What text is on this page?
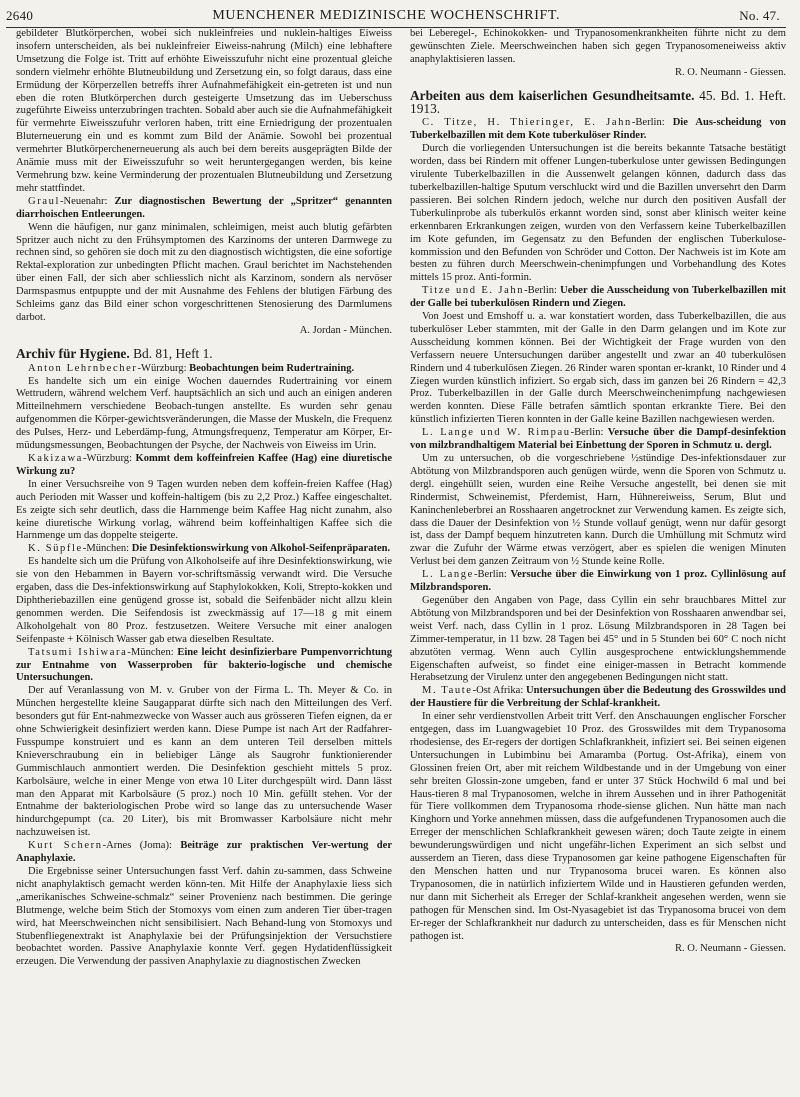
2640	MUENCHENER MEDIZINISCHE WOCHENSCHRIFT.	No. 47.

gebildeter Blutkörperchen, wobei sich nukleinfreies und nuklein-haltiges Eiweiss insofern unterscheiden, als bei nukleinfreier Eiweiss-nahrung (Milch) eine lebhaftere Umsetzung die Folge ist. Tritt auf erhöhte Eiweisszufuhr nicht eine prozentual gleiche sondern vielmehr erhöhte Blutneubildung und Zersetzung ein, so folgt daraus, dass eine Ermüdung der Körperzellen betreffs ihrer Aufnahmefähigkeit ein-getreten ist und nun eben die roten Blutkörperchen durch gesteigerte Umsetzung das im Ueberschuss zugeführte Eiweiss unterzubringen trachten. Sobald aber auch sie die Aufnahmefähigkeit für vermehrte Eiweisszufuhr verloren haben, tritt eine Erniedrigung der prozentualen Bluterneuerung ein und es kommt zum Bild der Anämie. Sowohl bei prozentual vermehrter Blutkörperchenerneuerung als auch bei dem bereits ausgeprägten Bilde der Anämie muss mit der Eiweisszufuhr so weit heruntergegangen werden, bis keine Vermehrung bzw. keine Verminderung der prozentualen Blutneubildung und Zersetzung mehr stattfindet.

Graul-Neuenahr: Zur diagnostischen Bewertung der „Spritzer“ genannten diarrhoischen Entleerungen.

Wenn die häufigen, nur ganz minimalen, schleimigen, meist auch blutig gefärbten Spritzer auch nicht zu den Frühsymptomen des Karzinoms der unteren Darmwege zu rechnen sind, so gehören sie doch mit zu den diagnostisch wichtigsten, die eine sofortige Rektal-exploration zur unbedingten Pflicht machen. Graul berichtet im Nachstehenden über einen Fall, der sich aber schliesslich nicht als Karzinom, sondern als nervöser Darmspasmus entpuppte und der mit Ausnahme des Fehlens der blutigen Färbung des Schleims ganz das Bild einer schon vorgeschrittenen Stenosierung des Darmlumens darbot.

A. Jordan - München.

Archiv für Hygiene. Bd. 81, Heft 1.

Anton Lehrnbecher-Würzburg: Beobachtungen beim Rudertraining.

Es handelte sich um ein einige Wochen dauerndes Rudertraining vor einem Wettrudern, während welchem Verf. hauptsächlich an sich und auch an einigen anderen Mitteilnehmern verschiedene Beobach-tungen anstellte. Es wurden sehr genau aufgenommen die Körper-gewichtsveränderungen, die Masse der Muskeln, die Frequenz des Pulses, Herz- und Leberdämp-fung, Atmungsfrequenz, Temperatur am Körper, Er-müdungsmessungen, Beobachtungen der Psyche, der Nachweis von Eiweiss im Urin.

Kakizawa-Würzburg: Kommt dem koffeinfreien Kaffee (Hag) eine diuretische Wirkung zu?

In einer Versuchsreihe von 9 Tagen wurden neben dem koffein-freien Kaffee (Hag) auch Perioden mit Wasser und koffein-haltigem (bis zu 2,2 Proz.) Kaffee eingeschaltet. Es zeigte sich sehr deutlich, dass die Harnmenge beim Kaffee Hag nicht zunahm, also keine diuretische Wirkung vorlag, während beim koffeinhaltigen Kaffee sich die Harnmenge um das doppelte steigerte.

K. Süpfle-München: Die Desinfektionswirkung von Alkohol-Seifenpräparaten.

Es handelte sich um die Prüfung von Alkoholseife auf ihre Desinfektionswirkung, wie sie von den Hebammen in Bayern vor-schriftsmässig verwandt wird. Die Versuche ergaben, dass die Des-infektionswirkung auf Staphylokokken, Koli, Strepto-kokken und Diphtheriebazillen eine genügend grosse ist, sobald die Seifenbäder nicht allzu klein genommen werden. Die Seifendosis ist zweckmässig auf 17—18 g mit einem Alkoholgehalt von 80 Proz. festzusetzen. Weitere Versuche mit einer analogen Seifenpaste + Kölnisch Wasser gab etwa dieselben Resultate.

Tatsumi Ishiwara-München: Eine leicht desinfizierbare Pumpenvorrichtung zur Entnahme von Wasserproben für bakterio-logische und chemische Untersuchungen.

Der auf Veranlassung von M. v. Gruber von der Firma L. Th. Meyer & Co. in München hergestellte kleine Saugapparat dürfte sich nach den Mitteilungen des Verf. besonders gut für Ent-nahmezwecke von Wasser auch aus grösseren Tiefen eignen, da er ohne Schwierigkeit desinfiziert werden kann. Diese Pumpe ist nach Art der Radfahrer-Fusspumpe konstruiert und es kann an dem unteren Teil derselben mittels Knieverschraubung ein in beliebiger Länge als Saugrohr funktionierender Gummischlauch anmontiert werden. Die Desinfektion geschieht mittels 5 proz. Karbolsäure, welche in einer Menge von etwa 10 Liter durchgespült wird. Dann lässt man den Apparat mit Karbolsäure (5 proz.) noch 10 Min. gefüllt stehen. Vor der Entnahme der bakteriologischen Probe wird so lange das zu untersuchende Waser hindurchgepumpt (ca. 20 Liter), bis mit Bromwasser Karbolsäure nicht mehr nachzuweisen ist.

Kurt Schern-Arnes (Joma): Beiträge zur praktischen Ver-wertung der Anaphylaxie.

Die Ergebnisse seiner Untersuchungen fasst Verf. dahin zu-sammen, dass Schweine nicht anaphylaktisch gemacht werden könn-ten. Mit Hilfe der Anaphylaxie liess sich „amerikanisches Schweine-schmalz“ seiner Provenienz nach bestimmen. Die geringe Blutmenge, welche beim Stich der Stomoxys vom einen zum anderen Tier über-tragen wird, hat Meerschweinchen nicht sensibilisiert. Nach Behand-lung von Stomoxys und Stubenfliegenextrakt ist Anaphylaxie bei der Prüfungsinjektion der Versuchstiere beobachtet worden. Passive Anaphylaxie konnte Verf. gegen Hydatidenflüssigkeit erzeugen. Die Verwendung der passiven Anaphylaxie zu diagnostischen Zwecken

bei Leberegel-, Echinokokken- und Trypanosomenkrankheiten führte nicht zu dem gewünschten Ziele. Meerschweinchen haben sich gegen Trypanosomeneiweiss aktiv anaphylaktisieren lassen.

R. O. Neumann - Giessen.

Arbeiten aus dem kaiserlichen Gesundheitsamte. 45. Bd. 1. Heft. 1913.

C. Titze, H. Thieringer, E. Jahn-Berlin: Die Aus-scheidung von Tuberkelbazillen mit dem Kote tuberkulöser Rinder.

Durch die vorliegenden Untersuchungen ist die bereits bekannte Tatsache bestätigt worden, dass bei Rindern mit offener Lungen-tuberkulose unter gewissen Bedingungen virulente Tuberkelbazillen in die Aussenwelt gelangen können, dadurch dass das tuberkelbazillen-haltige Sputum verschluckt wird und die Bazillen unversehrt den Darm passieren. Bei solchen Rindern jedoch, welche nur durch den positiven Ausfall der Tuberkulinprobe als tuberkulös erkannt worden sind, sonst aber klinisch weiter keine erkennbaren Erkrankungen zeigen, wurden von den Verfassern keine Tuberkelbazillen im Kote gefunden, im Gegensatz zu den Befunden der englischen Tuberkulose-kommission und den Befunden von Schröder und Cotton. Der Nachweis ist im Kote am besten zu führen durch Meerschwein-chenimpfungen und Vorbehandlung des Kotes mittels 15 proz. Anti-formin.

Titze und E. Jahn-Berlin: Ueber die Ausscheidung von Tuberkelbazillen mit der Galle bei tuberkulösen Rindern und Ziegen.

Von Joest und Emshoff u. a. war konstatiert worden, dass Tuberkelbazillen, die aus tuberkulöser Leber stammten, mit der Galle in den Darm gelangen und im Kote zur Ausscheidung kommen können. Bei der Wichtigkeit der Frage wurden von den Verfassern neuere Untersuchungen darüber angestellt und zwar an 40 tuberkulösen Rindern und 4 tuberkulösen Ziegen. 26 Rinder waren spontan er-krankt, 10 Rinder und 4 Ziegen wurden künstlich infiziert. So ergab sich, dass im ganzen bei 26 Rindern = 42,3 Proz. Tuberkelbazillen in der Galle durch Meerschweinchenimpfung nachgewiesen werden konnten. Diese Fälle betrafen sämtlich spontan erkrankte Tiere. Bei den künstlich infizierten Tieren konnten in der Galle keine Bazillen nachgewiesen werden.

L. Lange und W. Rimpau-Berlin: Versuche über die Dampf-desinfektion von milzbrandhaltigem Material bei Einbettung der Sporen in Schmutz u. dergl.

Um zu untersuchen, ob die vorgeschriebene ½stündige Des-infektionsdauer zur Abtötung von Milzbrandsporen auch genügen würde, wenn die Sporen von Schmutz u. dergl. eingehüllt seien, wurden eine Reihe Versuche angestellt, bei denen sie mit Rindermist, Schweinemist, Pferdemist, Harn, Hühnereiweiss, Serum, Blut und Kaninchenleberbrei an Rosshaaren angetrocknet zur Verwendung kamen. Es zeigte sich, dass die Dauer der Desinfektion von ½ Stunde vollauf genügt, wenn nur dafür gesorgt ist, dass der Dampf bequem hinzutreten kann. Durch die Umhüllung mit Schmutz wird zwar die Zufuhr der Wärme etwas verzögert, aber es spielen die wenigen Minuten Verlust bei dem ganzen Zeitraum von ½ Stunde keine Rolle.

L. Lange-Berlin: Versuche über die Einwirkung von 1 proz. Cyllinlösung auf Milzbrandsporen.

Gegenüber den Angaben von Page, dass Cyllin ein sehr brauchbares Mittel zur Abtötung von Milzbrandsporen und bei der Desinfektion von Rosshaaren anwendbar sei, weist Verf. nach, dass Cyllin in 1 proz. Lösung Milzbrandsporen in 28 Tagen bei Zimmer-temperatur, in 11 bzw. 28 Tagen bei 45° und in 5 Stunden bei 60° C noch nicht abzutöten vermag. Wenn auch Cyllin ausgesprochene entwicklungshemmende Eigenschaften aufweist, so findet eine einiger-massen in Betracht kommende Herabsetzung der Virulenz unter den angegebenen Bedingungen nicht statt.

M. Taute-Ost Afrika: Untersuchungen über die Bedeutung des Grosswildes und der Haustiere für die Verbreitung der Schlaf-krankheit.

In einer sehr verdienstvollen Arbeit tritt Verf. den Anschauungen englischer Forscher entgegen, dass im Luangwagebiet 10 Proz. des Grosswildes mit dem Trypanosoma rhodesiense, des Er-regers der dortigen Schlafkrankheit, infiziert sei. Bei seinen eigenen Untersuchungen in Lubimbinu bei Amaramba (Portug. Ost-Afrika), einem von Glossinen freien Ort, aber mit reichem Wildbestande und in der Umgebung von einer sehr breiten Glossin-zone umgeben, fand er unter 37 Stück Hochwild 6 mal und bei Haus-tieren 8 mal Trypanosomen, welche in ihrem Aussehen und in ihrer Pathogenität für Tiere vollkommen dem Trypanosoma rhode-siense glichen. Nun hätte man nach Kinghorn und Yorke annehmen müssen, dass die aufgefundenen Trypanosomen auch die Erreger der menschlichen Schlafkrankheit gewesen wären; doch Taute zeigte in einem bewunderungswürdigen und nicht ungefähr-lichen Experiment an sich selbst und ausserdem an Tieren, dass diese Trypanosomen gar keine pathogene Eigenschaften für den Menschen hatten und nur Trypanosoma brucei waren. Es können also Trypanosomen, die in natürlich infiziertem Wilde und in Haustieren gefunden werden, nur dann mit Sicherheit als Erreger der Schlaf-krankheit angesehen werden, wenn sie pathogen für Menschen sind. Im Ost-Nyasagebiet ist das Trypanosoma brucei von dem Er-reger der Schlafkrankheit nur dadurch zu unterscheiden, dass es für Menschen nicht pathogen ist.

R. O. Neumann - Giessen.
